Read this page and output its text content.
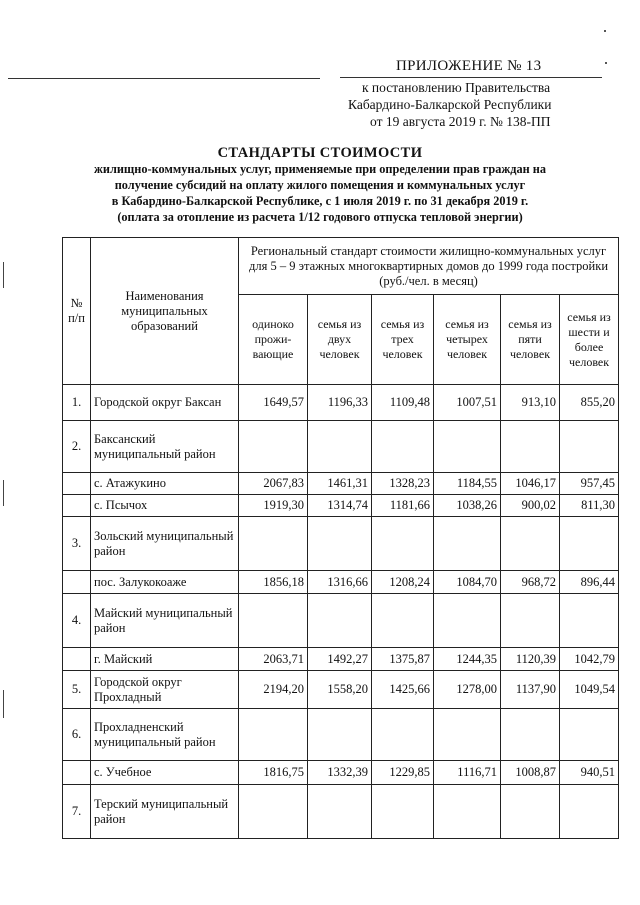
ПРИЛОЖЕНИЕ № 13
к постановлению Правительства
Кабардино-Балкарской Республики
от 19 августа 2019 г. № 138-ПП
СТАНДАРТЫ СТОИМОСТИ
жилищно-коммунальных услуг, применяемые при определении прав граждан на
получение субсидий на оплату жилого помещения и коммунальных услуг
в Кабардино-Балкарской Республике, с 1 июля 2019 г. по 31 декабря 2019 г.
(оплата за отопление из расчета 1/12 годового отпуска тепловой энергии)
№ п/п	Наименования муниципальных образований	Региональный стандарт стоимости жилищно-коммунальных услуг для 5 – 9 этажных многоквартирных домов до 1999 года постройки (руб./чел. в месяц)					
		одиноко прожи-вающие	семья из двух человек	семья из трех человек	семья из четырех человек	семья из пяти человек	семья из шести и более человек
1.	Городской округ Баксан	1649,57	1196,33	1109,48	1007,51	913,10	855,20
2.	Баксанский муниципальный район						
	с. Атажукино	2067,83	1461,31	1328,23	1184,55	1046,17	957,45
	с. Псычох	1919,30	1314,74	1181,66	1038,26	900,02	811,30
3.	Зольский муниципальный район						
	пос. Залукокоаже	1856,18	1316,66	1208,24	1084,70	968,72	896,44
4.	Майский муниципальный район						
	г. Майский	2063,71	1492,27	1375,87	1244,35	1120,39	1042,79
5.	Городской округ Прохладный	2194,20	1558,20	1425,66	1278,00	1137,90	1049,54
6.	Прохладненский муниципальный район						
	с. Учебное	1816,75	1332,39	1229,85	1116,71	1008,87	940,51
7.	Терский муниципальный район						
